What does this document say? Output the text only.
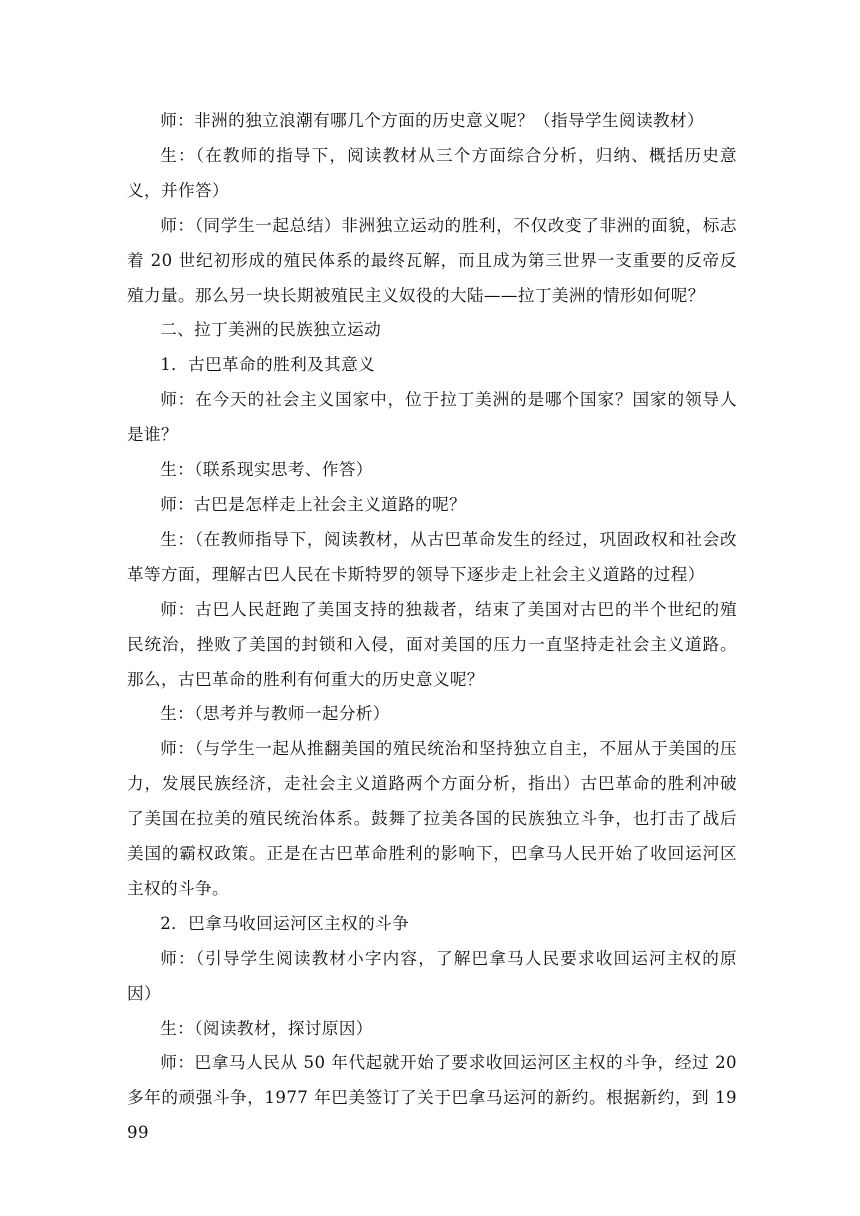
师：非洲的独立浪潮有哪几个方面的历史意义呢？（指导学生阅读教材）

生：（在教师的指导下，阅读教材从三个方面综合分析，归纳、概括历史意义，并作答）

师：（同学生一起总结）非洲独立运动的胜利，不仅改变了非洲的面貌，标志着 20 世纪初形成的殖民体系的最终瓦解，而且成为第三世界一支重要的反帝反殖力量。那么另一块长期被殖民主义奴役的大陆——拉丁美洲的情形如何呢？

二、拉丁美洲的民族独立运动

1．古巴革命的胜利及其意义

师：在今天的社会主义国家中，位于拉丁美洲的是哪个国家？国家的领导人是谁？

生：（联系现实思考、作答）

师：古巴是怎样走上社会主义道路的呢？

生：（在教师指导下，阅读教材，从古巴革命发生的经过，巩固政权和社会改革等方面，理解古巴人民在卡斯特罗的领导下逐步走上社会主义道路的过程）

师：古巴人民赶跑了美国支持的独裁者，结束了美国对古巴的半个世纪的殖民统治，挫败了美国的封锁和入侵，面对美国的压力一直坚持走社会主义道路。那么，古巴革命的胜利有何重大的历史意义呢？

生：（思考并与教师一起分析）

师：（与学生一起从推翻美国的殖民统治和坚持独立自主，不屈从于美国的压力，发展民族经济，走社会主义道路两个方面分析，指出）古巴革命的胜利冲破了美国在拉美的殖民统治体系。鼓舞了拉美各国的民族独立斗争，也打击了战后美国的霸权政策。正是在古巴革命胜利的影响下，巴拿马人民开始了收回运河区主权的斗争。

2．巴拿马收回运河区主权的斗争

师：（引导学生阅读教材小字内容，了解巴拿马人民要求收回运河主权的原因）

生：（阅读教材，探讨原因）

师：巴拿马人民从 50 年代起就开始了要求收回运河区主权的斗争，经过 20 多年的顽强斗争，1977 年巴美签订了关于巴拿马运河的新约。根据新约，到 1999
